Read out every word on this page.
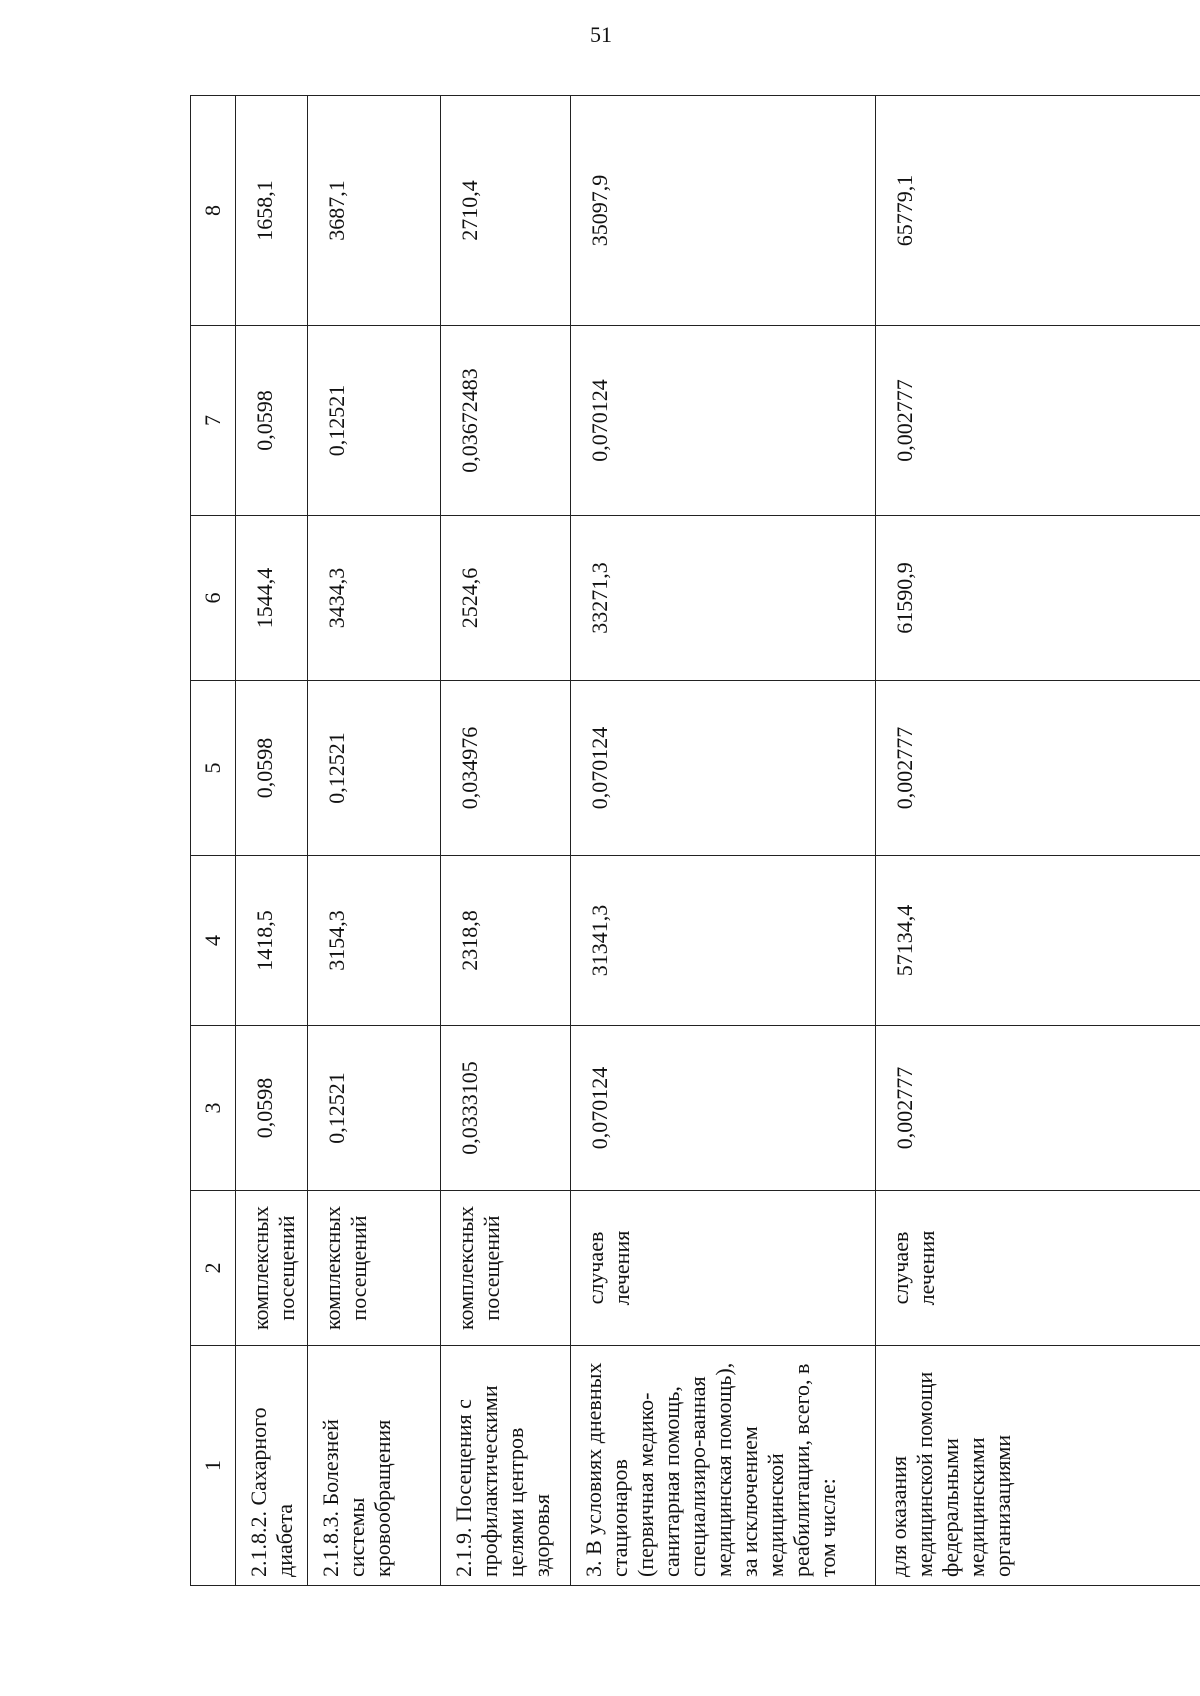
51
1	2	3	4	5	6	7	8
2.1.8.2. Сахарного диабета	комплексных посещений	0,0598	1418,5	0,0598	1544,4	0,0598	1658,1
2.1.8.3. Болезней системы кровообращения	комплексных посещений	0,12521	3154,3	0,12521	3434,3	0,12521	3687,1
2.1.9. Посещения с профилактическими целями центров здоровья	комплексных посещений	0,0333105	2318,8	0,034976	2524,6	0,03672483	2710,4
3. В условиях дневных стационаров (первичная медико-санитарная помощь, специализиро-ванная медицинская помощь), за исключением медицинской реабилитации, всего, в том числе:	случаев лечения	0,070124	31341,3	0,070124	33271,3	0,070124	35097,9
для оказания медицинской помощи федеральными медицинскими организациями	случаев лечения	0,002777	57134,4	0,002777	61590,9	0,002777	65779,1
